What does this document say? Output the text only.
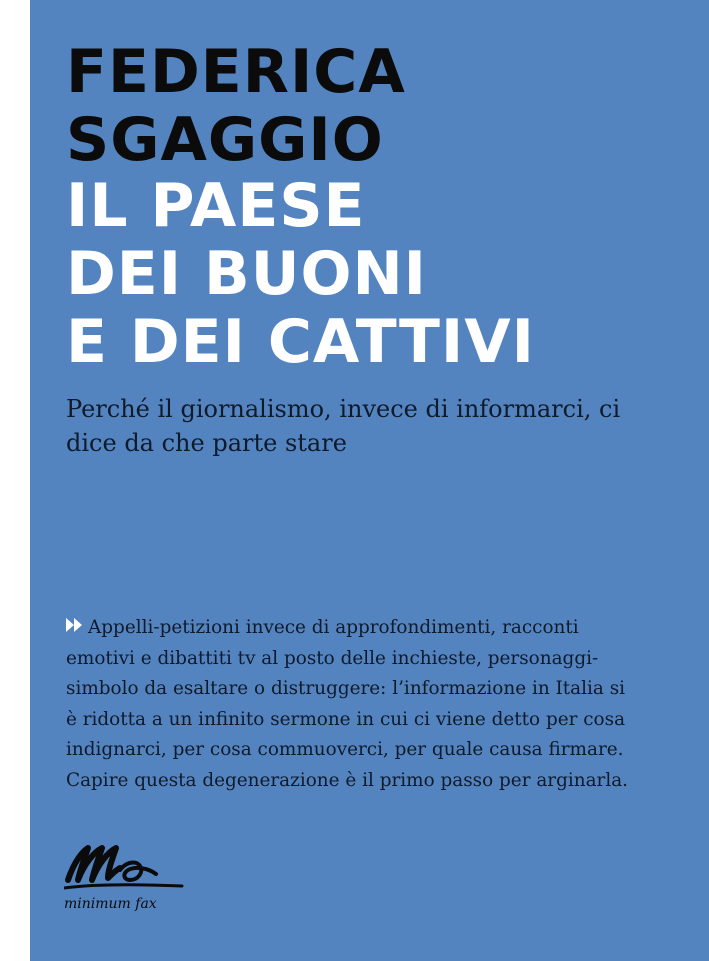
FEDERICA
SGAGGIO
IL PAESE
DEI BUONI
E DEI CATTIVI
Perché il giornalismo, invece di informarci, ci dice da che parte stare
Appelli-petizioni invece di approfondimenti, racconti
emotivi e dibattiti tv al posto delle inchieste, personaggi-
simbolo da esaltare o distruggere: l’informazione in Italia si
è ridotta a un infinito sermone in cui ci viene detto per cosa
indignarci, per cosa commuoverci, per quale causa firmare.
Capire questa degenerazione è il primo passo per arginarla.
minimum fax
